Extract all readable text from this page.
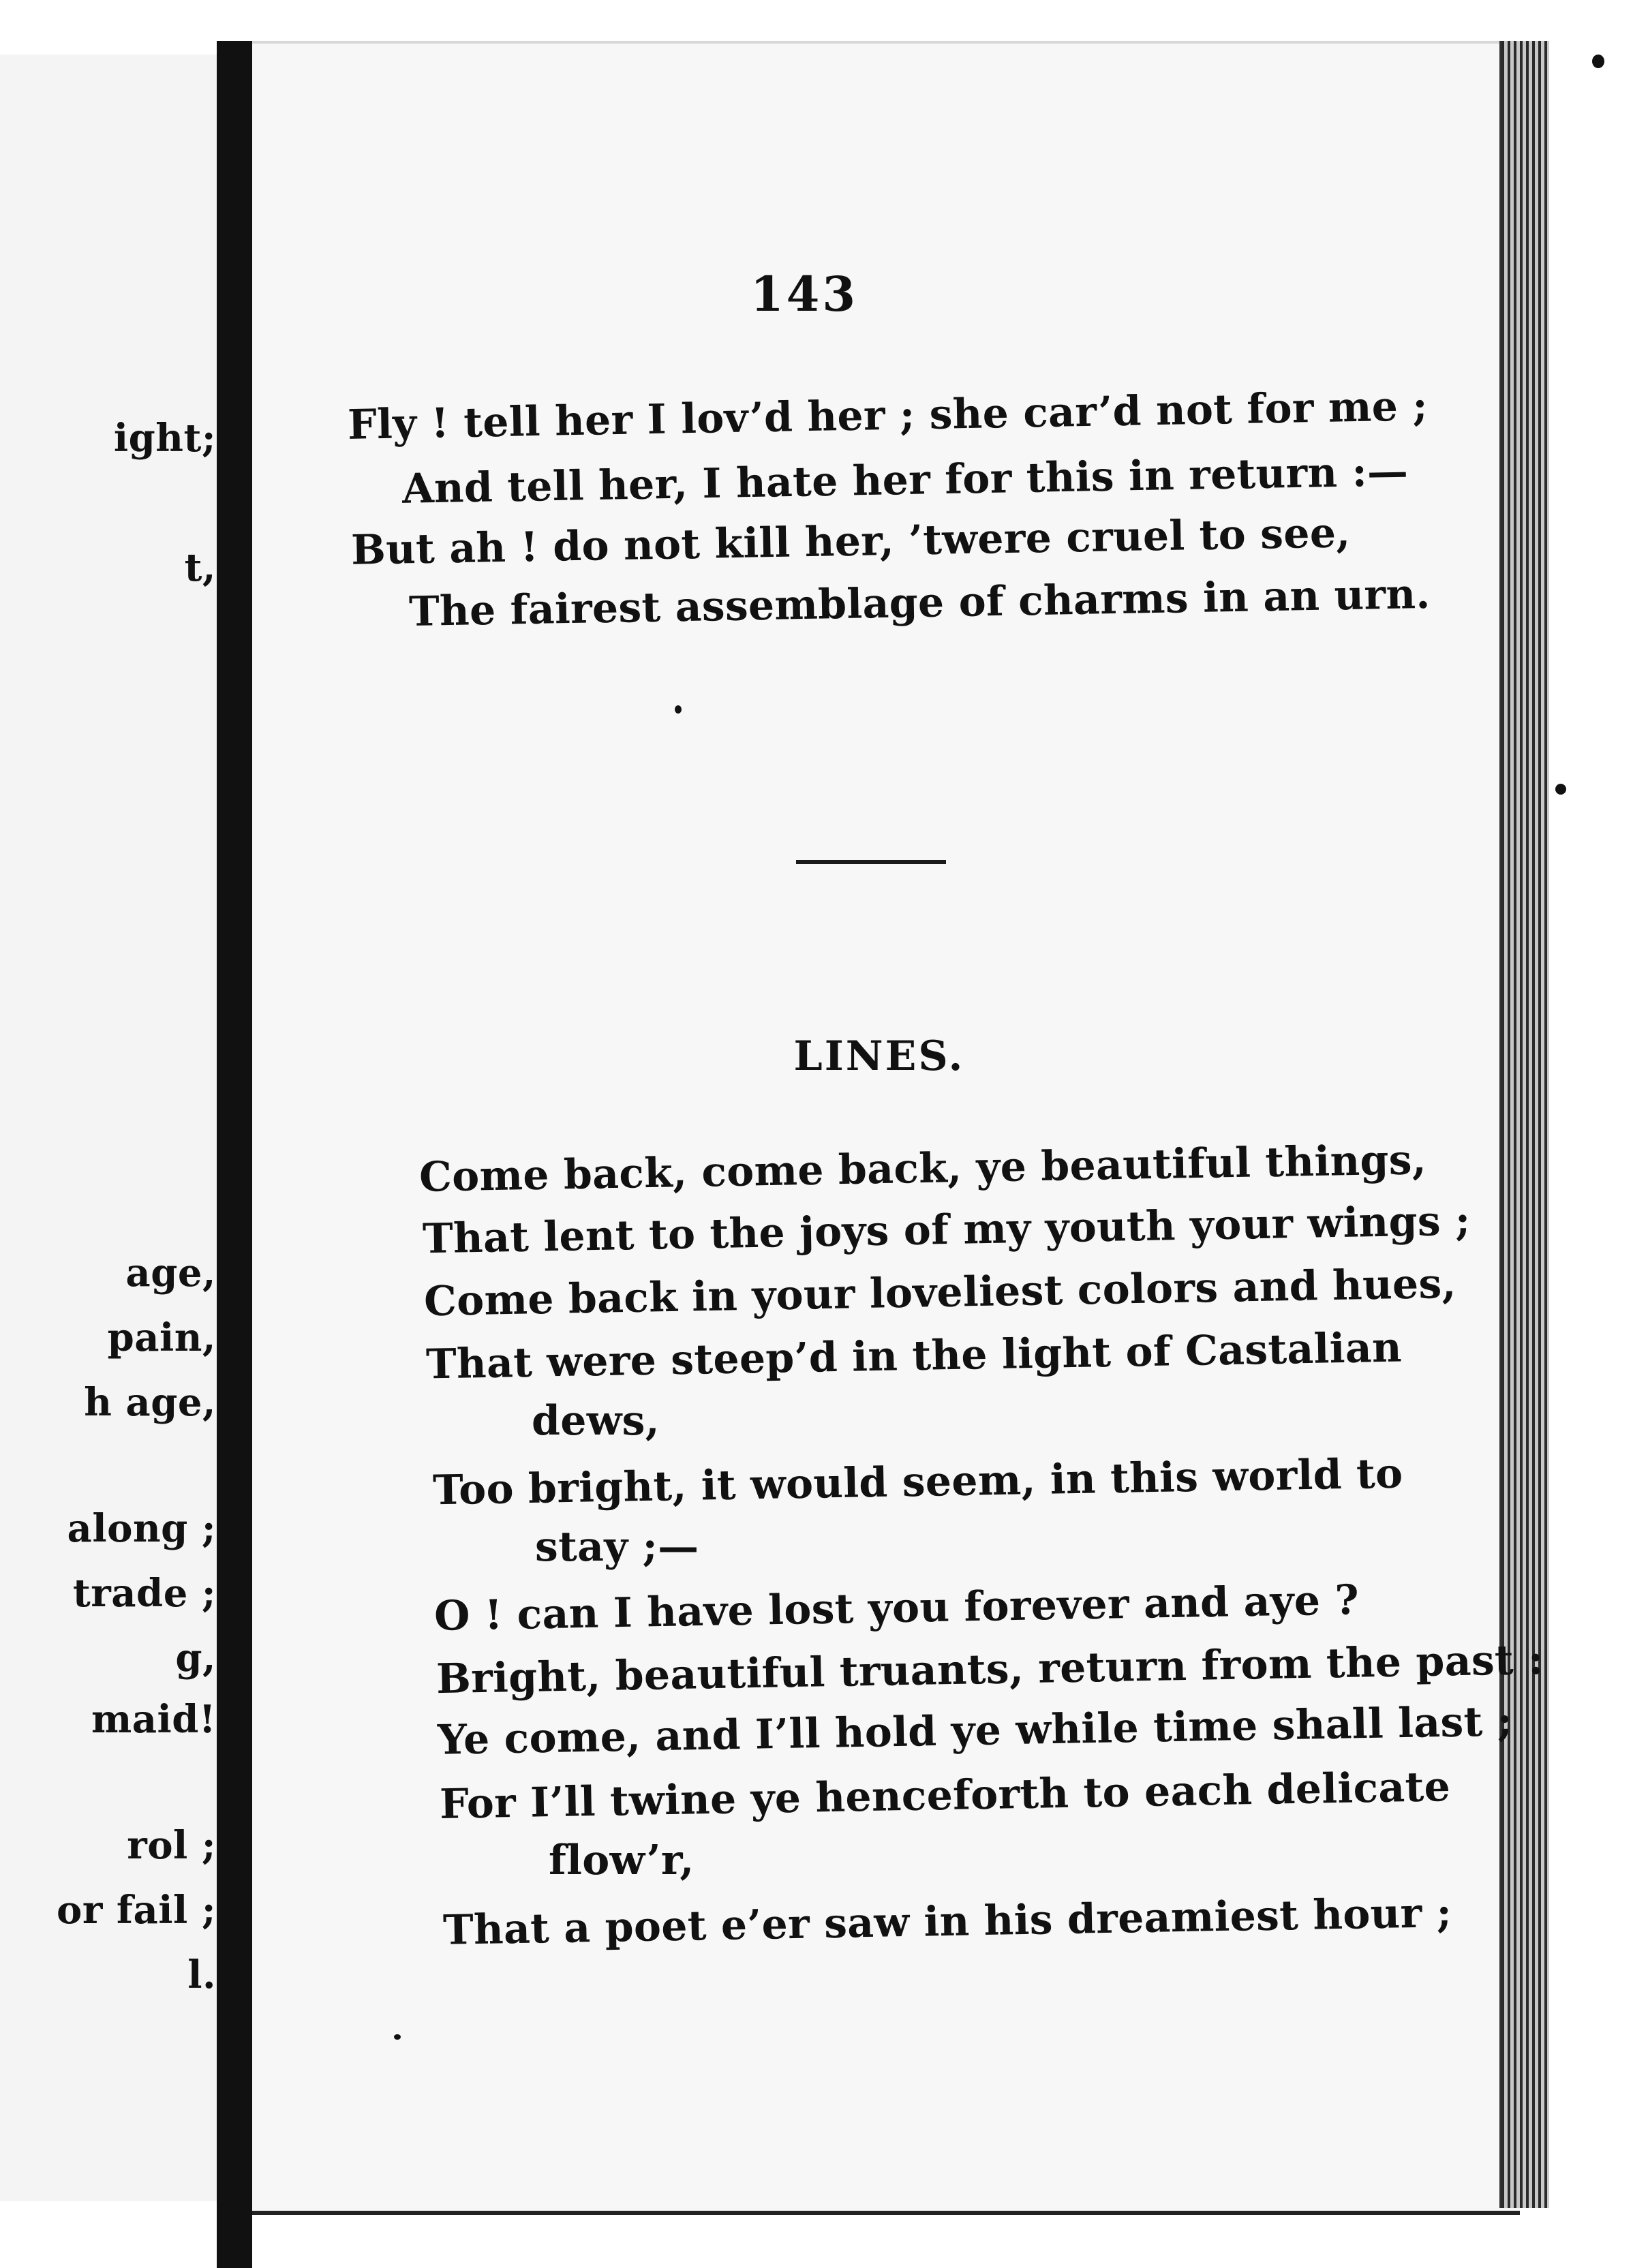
ight;
t,
age,
pain,
h age,
along ;
trade ;
g,
maid!
rol ;
or fail ;
l.
143
Fly ! tell her I lov’d her ; she car’d not for me ;
And tell her, I hate her for this in return :—
But ah ! do not kill her, ’twere cruel to see,
The fairest assemblage of charms in an urn.
LINES.
Come back, come back, ye beautiful things,
That lent to the joys of my youth your wings ;
Come back in your loveliest colors and hues,
That were steep’d in the light of Castalian
dews,
Too bright, it would seem, in this world to
stay ;—
O ! can I have lost you forever and aye ?
Bright, beautiful truants, return from the past :
Ye come, and I’ll hold ye while time shall last ;
For I’ll twine ye henceforth to each delicate
flow’r,
That a poet e’er saw in his dreamiest hour ;
